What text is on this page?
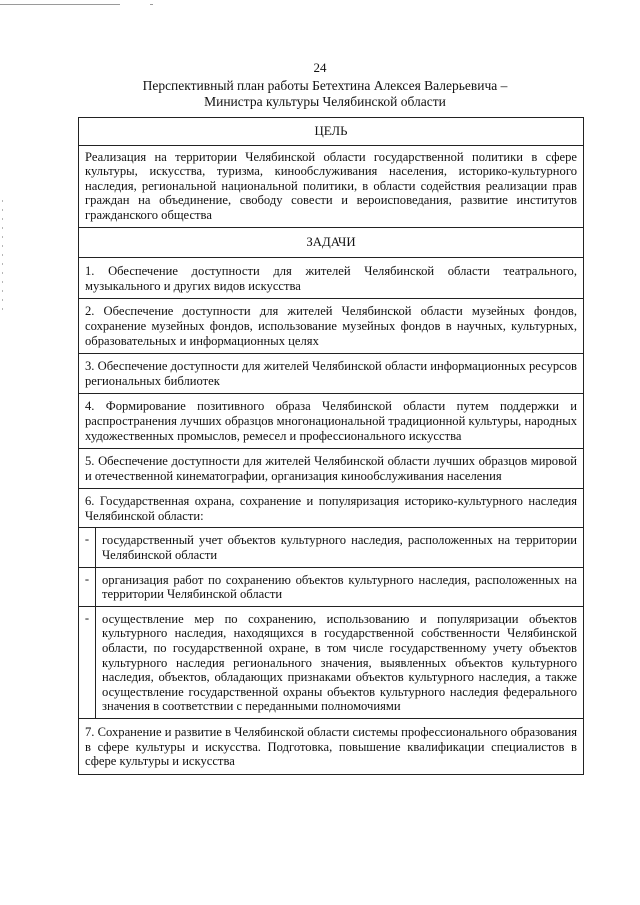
24
Перспективный план работы Бетехтина Алексея Валерьевича –
Министра культуры Челябинской области
ЦЕЛЬ	
Реализация на территории Челябинской области государственной политики в сфере культуры, искусства, туризма, кинообслуживания населения, историко-культурного наследия, региональной национальной политики, в области содействия реализации прав граждан на объединение, свободу совести и вероисповедания, развитие институтов гражданского общества	
ЗАДАЧИ	
1. Обеспечение доступности для жителей Челябинской области театрального, музыкального и других видов искусства	
2. Обеспечение доступности для жителей Челябинской области музейных фондов, сохранение музейных фондов, использование музейных фондов в научных, культурных, образовательных и информационных целях	
3. Обеспечение доступности для жителей Челябинской области информационных ресурсов региональных библиотек	
4. Формирование позитивного образа Челябинской области путем поддержки и распространения лучших образцов многонациональной традиционной культуры, народных художественных промыслов, ремесел и профессионального искусства	
5. Обеспечение доступности для жителей Челябинской области лучших образцов мировой и отечественной кинематографии, организация кинообслуживания населения	
6. Государственная охрана, сохранение и популяризация историко-культурного наследия Челябинской области:	
-	государственный учет объектов культурного наследия, расположенных на территории Челябинской области
-	организация работ по сохранению объектов культурного наследия, расположенных на территории Челябинской области
-	осуществление мер по сохранению, использованию и популяризации объектов культурного наследия, находящихся в государственной собственности Челябинской области, по государственной охране, в том числе государственному учету объектов культурного наследия регионального значения, выявленных объектов культурного наследия, объектов, обладающих признаками объектов культурного наследия, а также осуществление государственной охраны объектов культурного наследия федерального значения в соответствии с переданными полномочиями
7. Сохранение и развитие в Челябинской области системы профессионального образования в сфере культуры и искусства. Подготовка, повышение квалификации специалистов в сфере культуры и искусства	
